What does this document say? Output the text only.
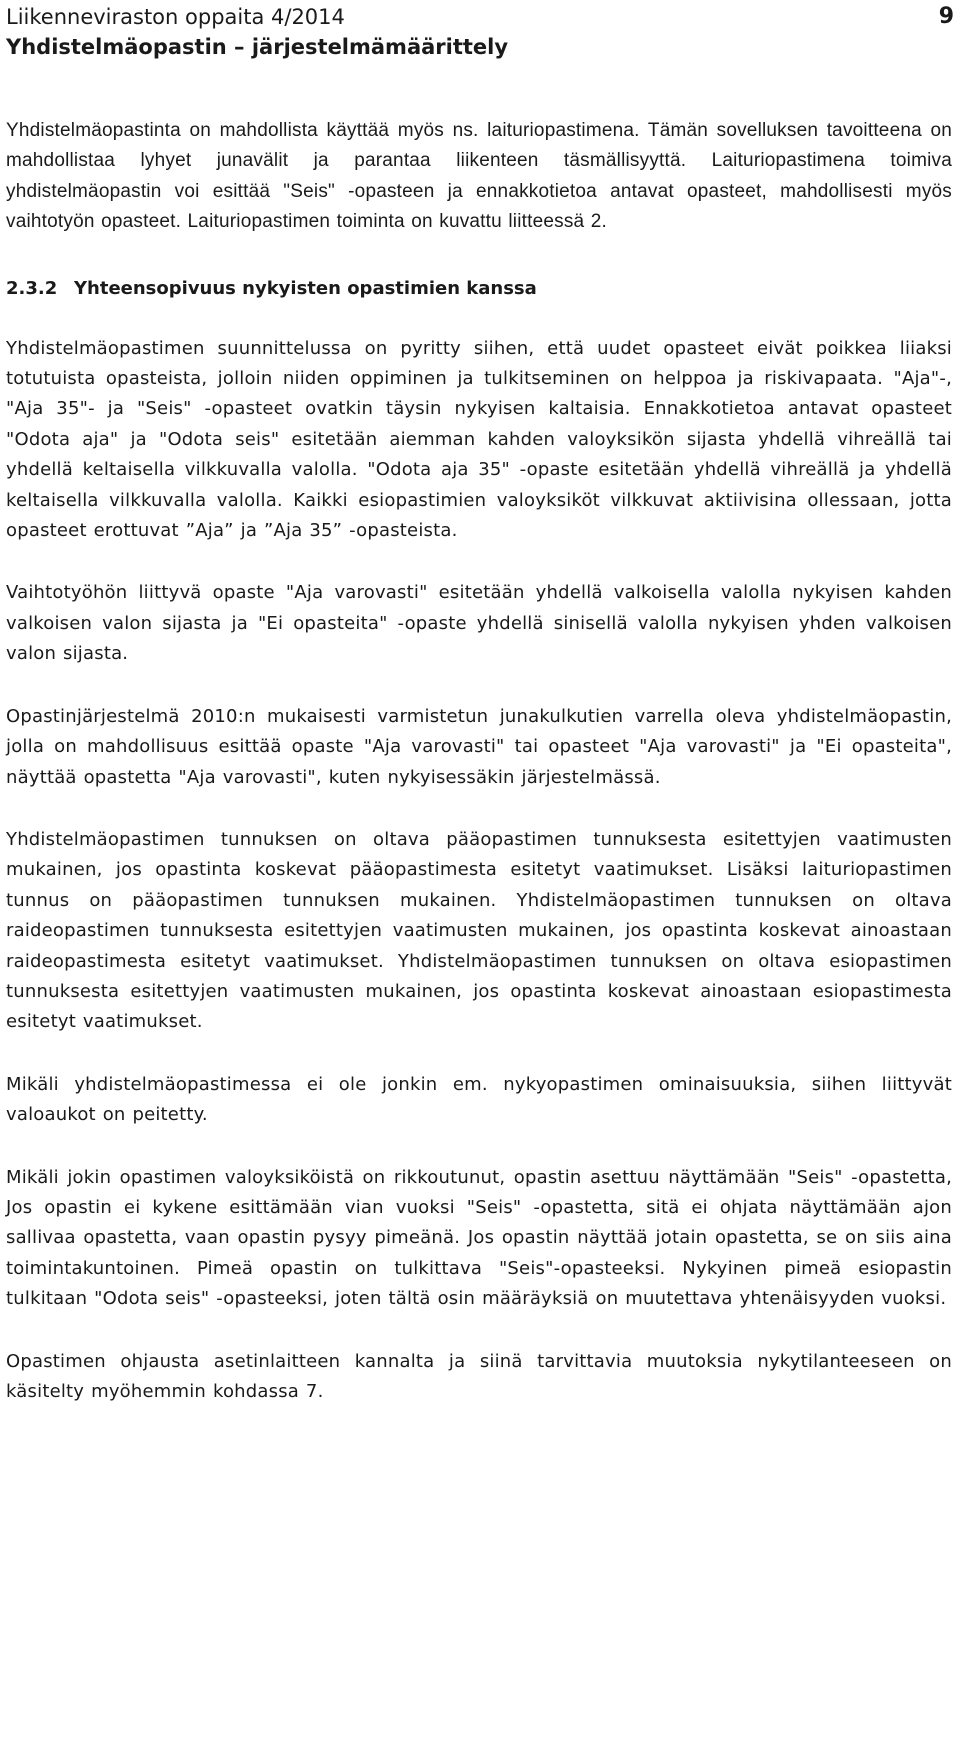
Liikenneviraston oppaita 4/2014
Yhdistelmäopastin – järjestelmämäärittely
9

Yhdistelmäopastinta on mahdollista käyttää myös ns. laituriopastimena. Tämän sovelluksen tavoitteena on mahdollistaa lyhyet junavälit ja parantaa liikenteen täsmällisyyttä. Laituriopastimena toimiva yhdistelmäopastin voi esittää "Seis" -opasteen ja ennakkotietoa antavat opasteet, mahdollisesti myös vaihtotyön opasteet. Laituriopastimen toiminta on kuvattu liitteessä 2.

2.3.2 Yhteensopivuus nykyisten opastimien kanssa

Yhdistelmäopastimen suunnittelussa on pyritty siihen, että uudet opasteet eivät poikkea liiaksi totutuista opasteista, jolloin niiden oppiminen ja tulkitseminen on helppoa ja riskivapaata. "Aja"-, "Aja 35"- ja "Seis" -opasteet ovatkin täysin nykyisen kaltaisia. Ennakkotietoa antavat opasteet "Odota aja" ja "Odota seis" esitetään aiemman kahden valoyksikön sijasta yhdellä vihreällä tai yhdellä keltaisella vilkkuvalla valolla. "Odota aja 35" -opaste esitetään yhdellä vihreällä ja yhdellä keltaisella vilkkuvalla valolla. Kaikki esiopastimien valoyksiköt vilkkuvat aktiivisina ollessaan, jotta opasteet erottuvat ”Aja” ja ”Aja 35” -opasteista.

Vaihtotyöhön liittyvä opaste "Aja varovasti" esitetään yhdellä valkoisella valolla nykyisen kahden valkoisen valon sijasta ja "Ei opasteita" -opaste yhdellä sinisellä valolla nykyisen yhden valkoisen valon sijasta.

Opastinjärjestelmä 2010:n mukaisesti varmistetun junakulkutien varrella oleva yhdistelmäopastin, jolla on mahdollisuus esittää opaste "Aja varovasti" tai opasteet "Aja varovasti" ja "Ei opasteita", näyttää opastetta "Aja varovasti", kuten nykyisessäkin järjestelmässä.

Yhdistelmäopastimen tunnuksen on oltava pääopastimen tunnuksesta esitettyjen vaatimusten mukainen, jos opastinta koskevat pääopastimesta esitetyt vaatimukset. Lisäksi laituriopastimen tunnus on pääopastimen tunnuksen mukainen. Yhdistelmäopastimen tunnuksen on oltava raideopastimen tunnuksesta esitettyjen vaatimusten mukainen, jos opastinta koskevat ainoastaan raideopastimesta esitetyt vaatimukset. Yhdistelmäopastimen tunnuksen on oltava esiopastimen tunnuksesta esitettyjen vaatimusten mukainen, jos opastinta koskevat ainoastaan esiopastimesta esitetyt vaatimukset.

Mikäli yhdistelmäopastimessa ei ole jonkin em. nykyopastimen ominaisuuksia, siihen liittyvät valoaukot on peitetty.

Mikäli jokin opastimen valoyksiköistä on rikkoutunut, opastin asettuu näyttämään "Seis" -opastetta, Jos opastin ei kykene esittämään vian vuoksi "Seis" -opastetta, sitä ei ohjata näyttämään ajon sallivaa opastetta, vaan opastin pysyy pimeänä. Jos opastin näyttää jotain opastetta, se on siis aina toimintakuntoinen. Pimeä opastin on tulkittava "Seis"-opasteeksi. Nykyinen pimeä esiopastin tulkitaan "Odota seis" -opasteeksi, joten tältä osin määräyksiä on muutettava yhtenäisyyden vuoksi.

Opastimen ohjausta asetinlaitteen kannalta ja siinä tarvittavia muutoksia nykytilanteeseen on käsitelty myöhemmin kohdassa 7.
